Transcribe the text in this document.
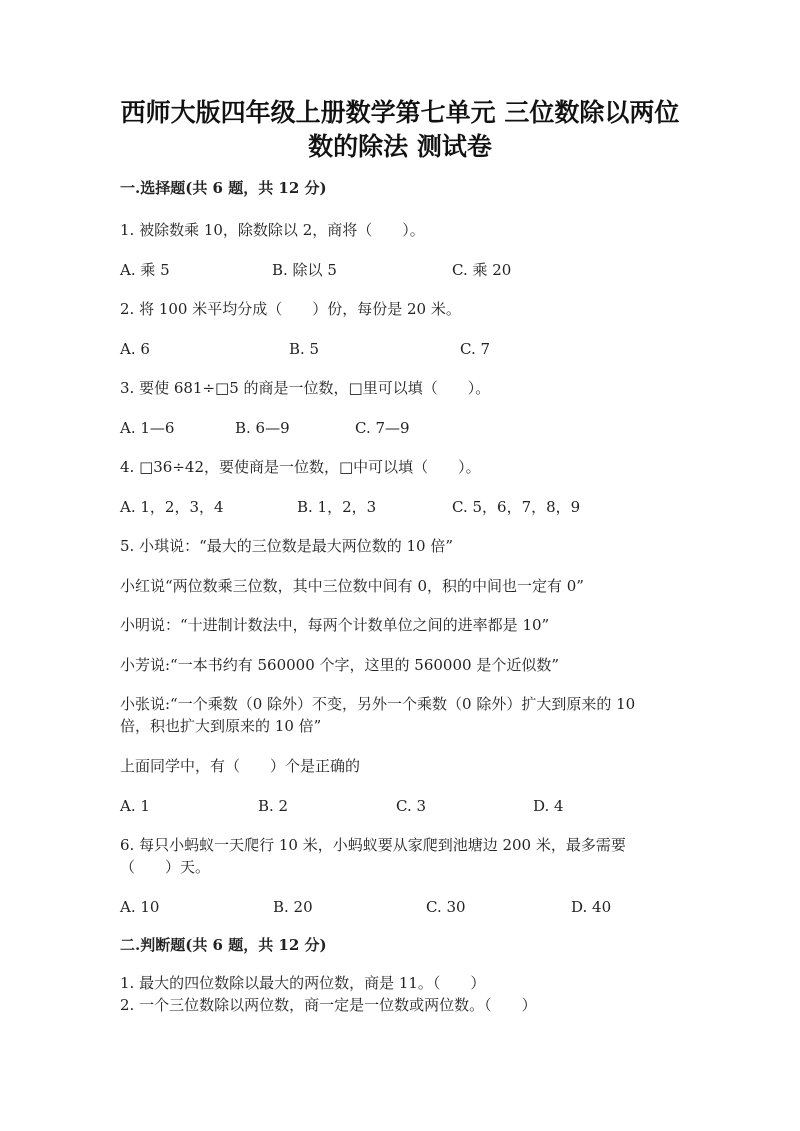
西师大版四年级上册数学第七单元 三位数除以两位
数的除法 测试卷
一.选择题(共 6 题，共 12 分)
1. 被除数乘 10，除数除以 2，商将（　　）。
A. 乘 5	B. 除以 5	C. 乘 20
2. 将 100 米平均分成（　　）份，每份是 20 米。
A. 6	B. 5	C. 7
3. 要使 681÷□5 的商是一位数，□里可以填（　　）。
A. 1—6	B. 6—9	C. 7—9
4. □36÷42，要使商是一位数，□中可以填（　　）。
A. 1，2，3，4	B. 1，2，3	C. 5，6，7，8，9
5. 小琪说：“最大的三位数是最大两位数的 10 倍”
小红说“两位数乘三位数，其中三位数中间有 0，积的中间也一定有 0”
小明说：“十进制计数法中，每两个计数单位之间的进率都是 10”
小芳说:“一本书约有 560000 个字，这里的 560000 是个近似数”
小张说:“一个乘数（0 除外）不变，另外一个乘数（0 除外）扩大到原来的 10
倍，积也扩大到原来的 10 倍”
上面同学中，有（　　）个是正确的
A. 1	B. 2	C. 3	D. 4
6. 每只小蚂蚁一天爬行 10 米，小蚂蚁要从家爬到池塘边 200 米，最多需要
（　　）天。
A. 10	B. 20	C. 30	D. 40
二.判断题(共 6 题，共 12 分)
1. 最大的四位数除以最大的两位数，商是 11。（　　）
2. 一个三位数除以两位数，商一定是一位数或两位数。（　　）
